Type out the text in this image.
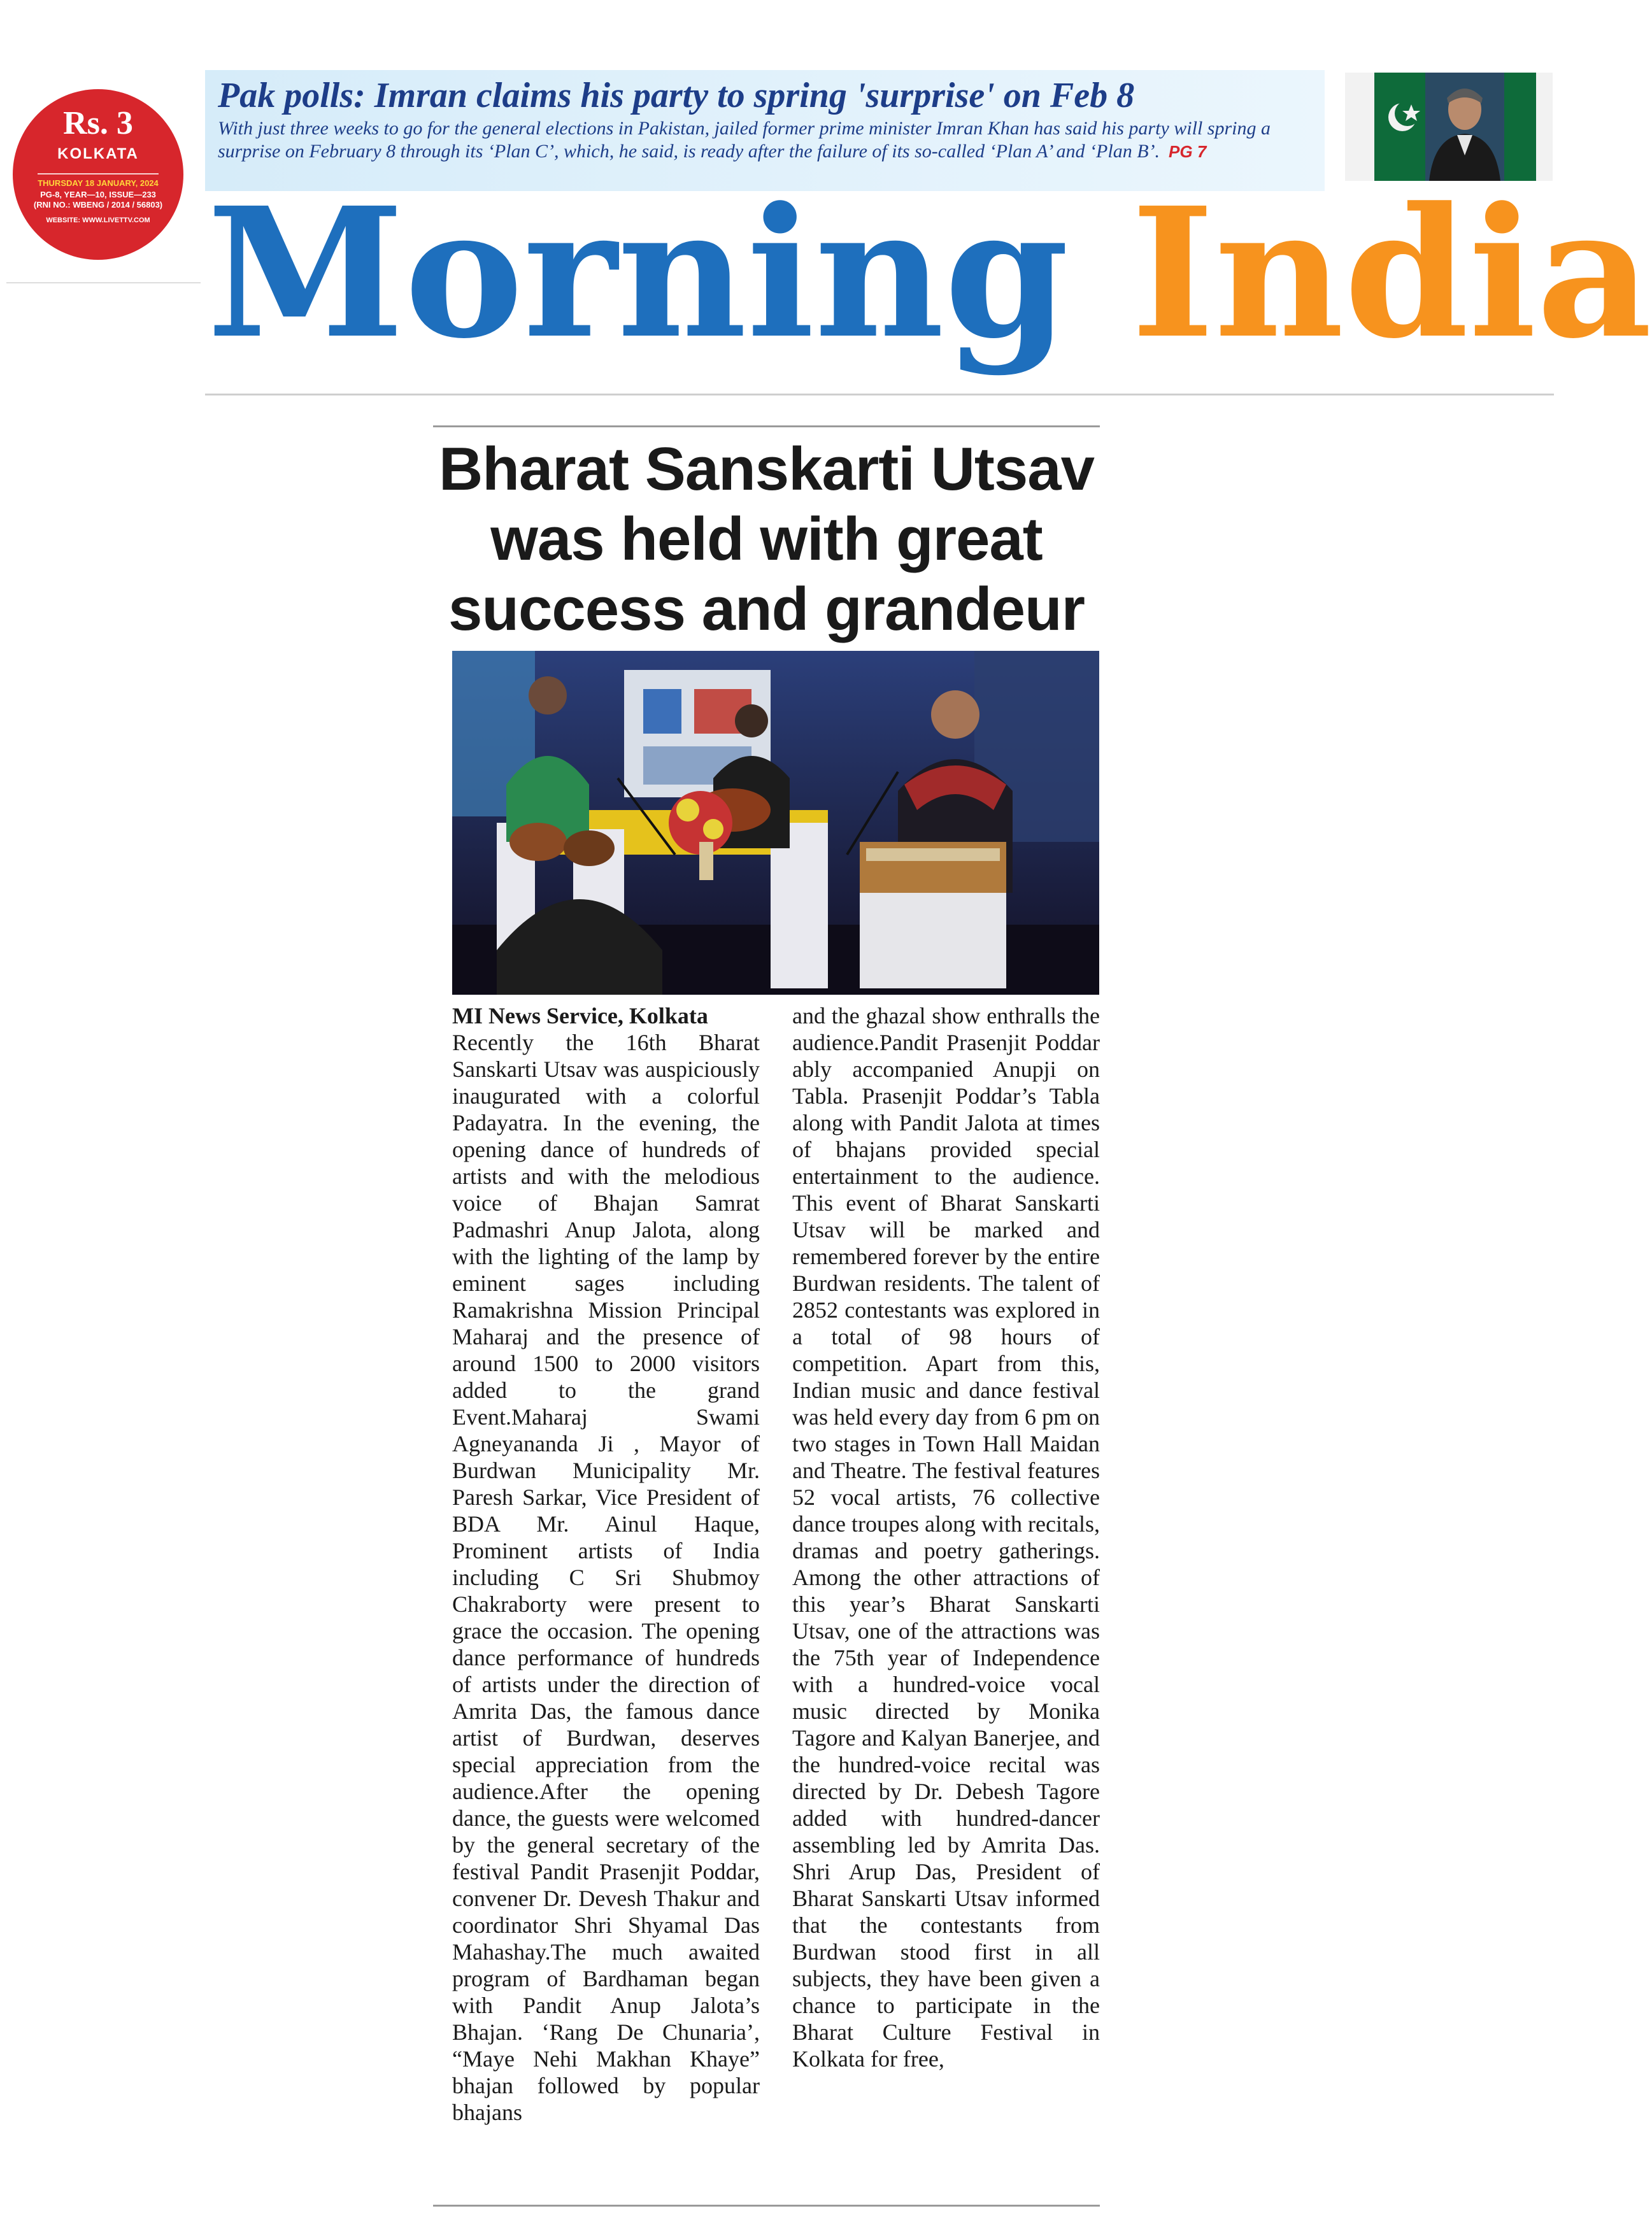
Rs. 3
KOLKATA
THURSDAY 18 JANUARY, 2024
PG-8, YEAR—10, ISSUE—233
(RNI NO.: WBENG / 2014 / 56803)
WEBSITE: WWW.LIVETTV.COM
Pak polls: Imran claims his party to spring 'surprise' on Feb 8
With just three weeks to go for the general elections in Pakistan, jailed former prime minister Imran Khan has said his party will spring a surprise on February 8 through its ‘Plan C’, which, he said, is ready after the failure of its so-called ‘Plan A’ and ‘Plan B’. PG 7
Morning India
Bharat Sanskarti Utsav was held with great success and grandeur
MI News Service, Kolkata
Recently the 16th Bharat Sanskarti Utsav was auspiciously inaugurated with a colorful Padayatra. In the evening, the opening dance of hundreds of artists and with the melodious voice of Bhajan Samrat Padmashri Anup Jalota, along with the lighting of the lamp by eminent sages including Ramakrishna Mission Principal Maharaj and the presence of around 1500 to 2000 visitors added to the grand Event.Maharaj Swami Agneyananda Ji , Mayor of Burdwan Municipality Mr. Paresh Sarkar, Vice President of BDA Mr. Ainul Haque, Prominent artists of India including C Sri Shubmoy Chakraborty were present to grace the occasion. The opening dance performance of hundreds of artists under the direction of Amrita Das, the famous dance artist of Burdwan, deserves special appreciation from the audience.After the opening dance, the guests were welcomed by the general secretary of the festival Pandit Prasenjit Poddar, convener Dr. Devesh Thakur and coordinator Shri Shyamal Das Mahashay.The much awaited program of Bardhaman began with Pandit Anup Jalota’s Bhajan. ‘Rang De Chunaria’, “Maye Nehi Makhan Khaye” bhajan followed by popular bhajans
and the ghazal show enthralls the audience.Pandit Prasenjit Poddar ably accompanied Anupji on Tabla. Prasenjit Poddar’s Tabla along with Pandit Jalota at times of bhajans provided special entertainment to the audience. This event of Bharat Sanskarti Utsav will be marked and remembered forever by the entire Burdwan residents. The talent of 2852 contestants was explored in a total of 98 hours of competition. Apart from this, Indian music and dance festival was held every day from 6 pm on two stages in Town Hall Maidan and Theatre. The festival features 52 vocal artists, 76 collective dance troupes along with recitals, dramas and poetry gatherings. Among the other attractions of this year’s Bharat Sanskarti Utsav, one of the attractions was the 75th year of Independence with a hundred-voice vocal music directed by Monika Tagore and Kalyan Banerjee, and the hundred-voice recital was directed by Dr. Debesh Tagore added with hundred-dancer assembling led by Amrita Das. Shri Arup Das, President of Bharat Sanskarti Utsav informed that the contestants from Burdwan stood first in all subjects, they have been given a chance to participate in the Bharat Culture Festival in Kolkata for free,
